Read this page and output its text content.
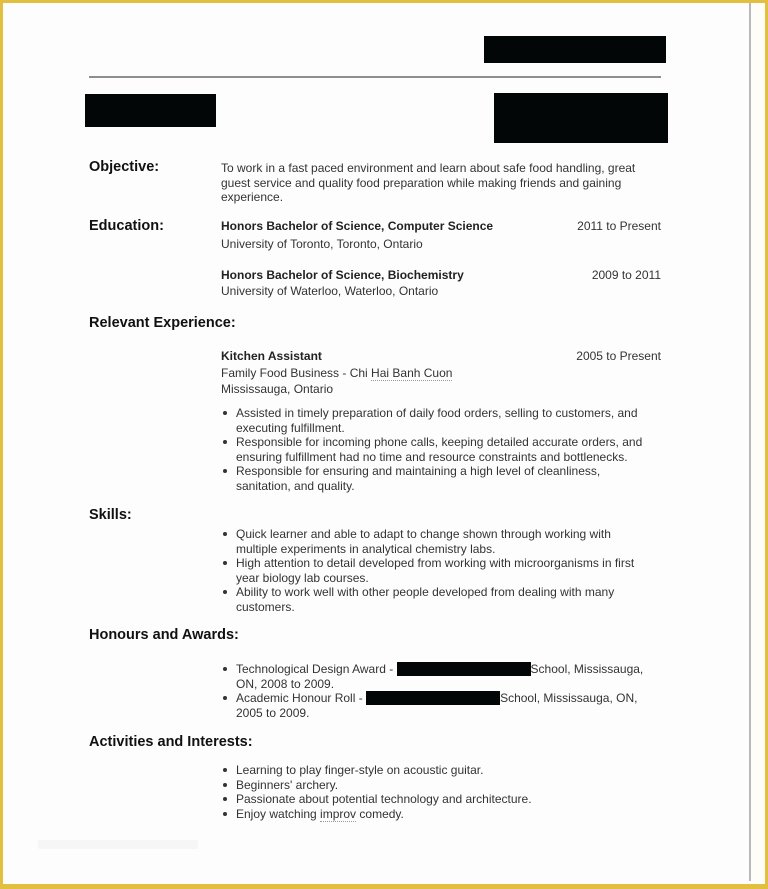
Objective:	To work in a fast paced environment and learn about safe food handling, great guest service and quality food preparation while making friends and gaining experience.
Education:	Honors Bachelor of Science, Computer Science	2011 to Present
University of Toronto, Toronto, Ontario
Honors Bachelor of Science, Biochemistry	2009 to 2011
University of Waterloo, Waterloo, Ontario
Relevant Experience:
Kitchen Assistant	2005 to Present
Family Food Business - Chi Hai Banh Cuon
Mississauga, Ontario
Assisted in timely preparation of daily food orders, selling to customers, and executing fulfillment.
Responsible for incoming phone calls, keeping detailed accurate orders, and ensuring fulfillment had no time and resource constraints and bottlenecks.
Responsible for ensuring and maintaining a high level of cleanliness, sanitation, and quality.
Skills:
Quick learner and able to adapt to change shown through working with multiple experiments in analytical chemistry labs.
High attention to detail developed from working with microorganisms in first year biology lab courses.
Ability to work well with other people developed from dealing with many customers.
Honours and Awards:
Technological Design Award -	School, Mississauga, ON, 2008 to 2009.
Academic Honour Roll -	School, Mississauga, ON, 2005 to 2009.
Activities and Interests:
Learning to play finger-style on acoustic guitar.
Beginners' archery.
Passionate about potential technology and architecture.
Enjoy watching improv comedy.
